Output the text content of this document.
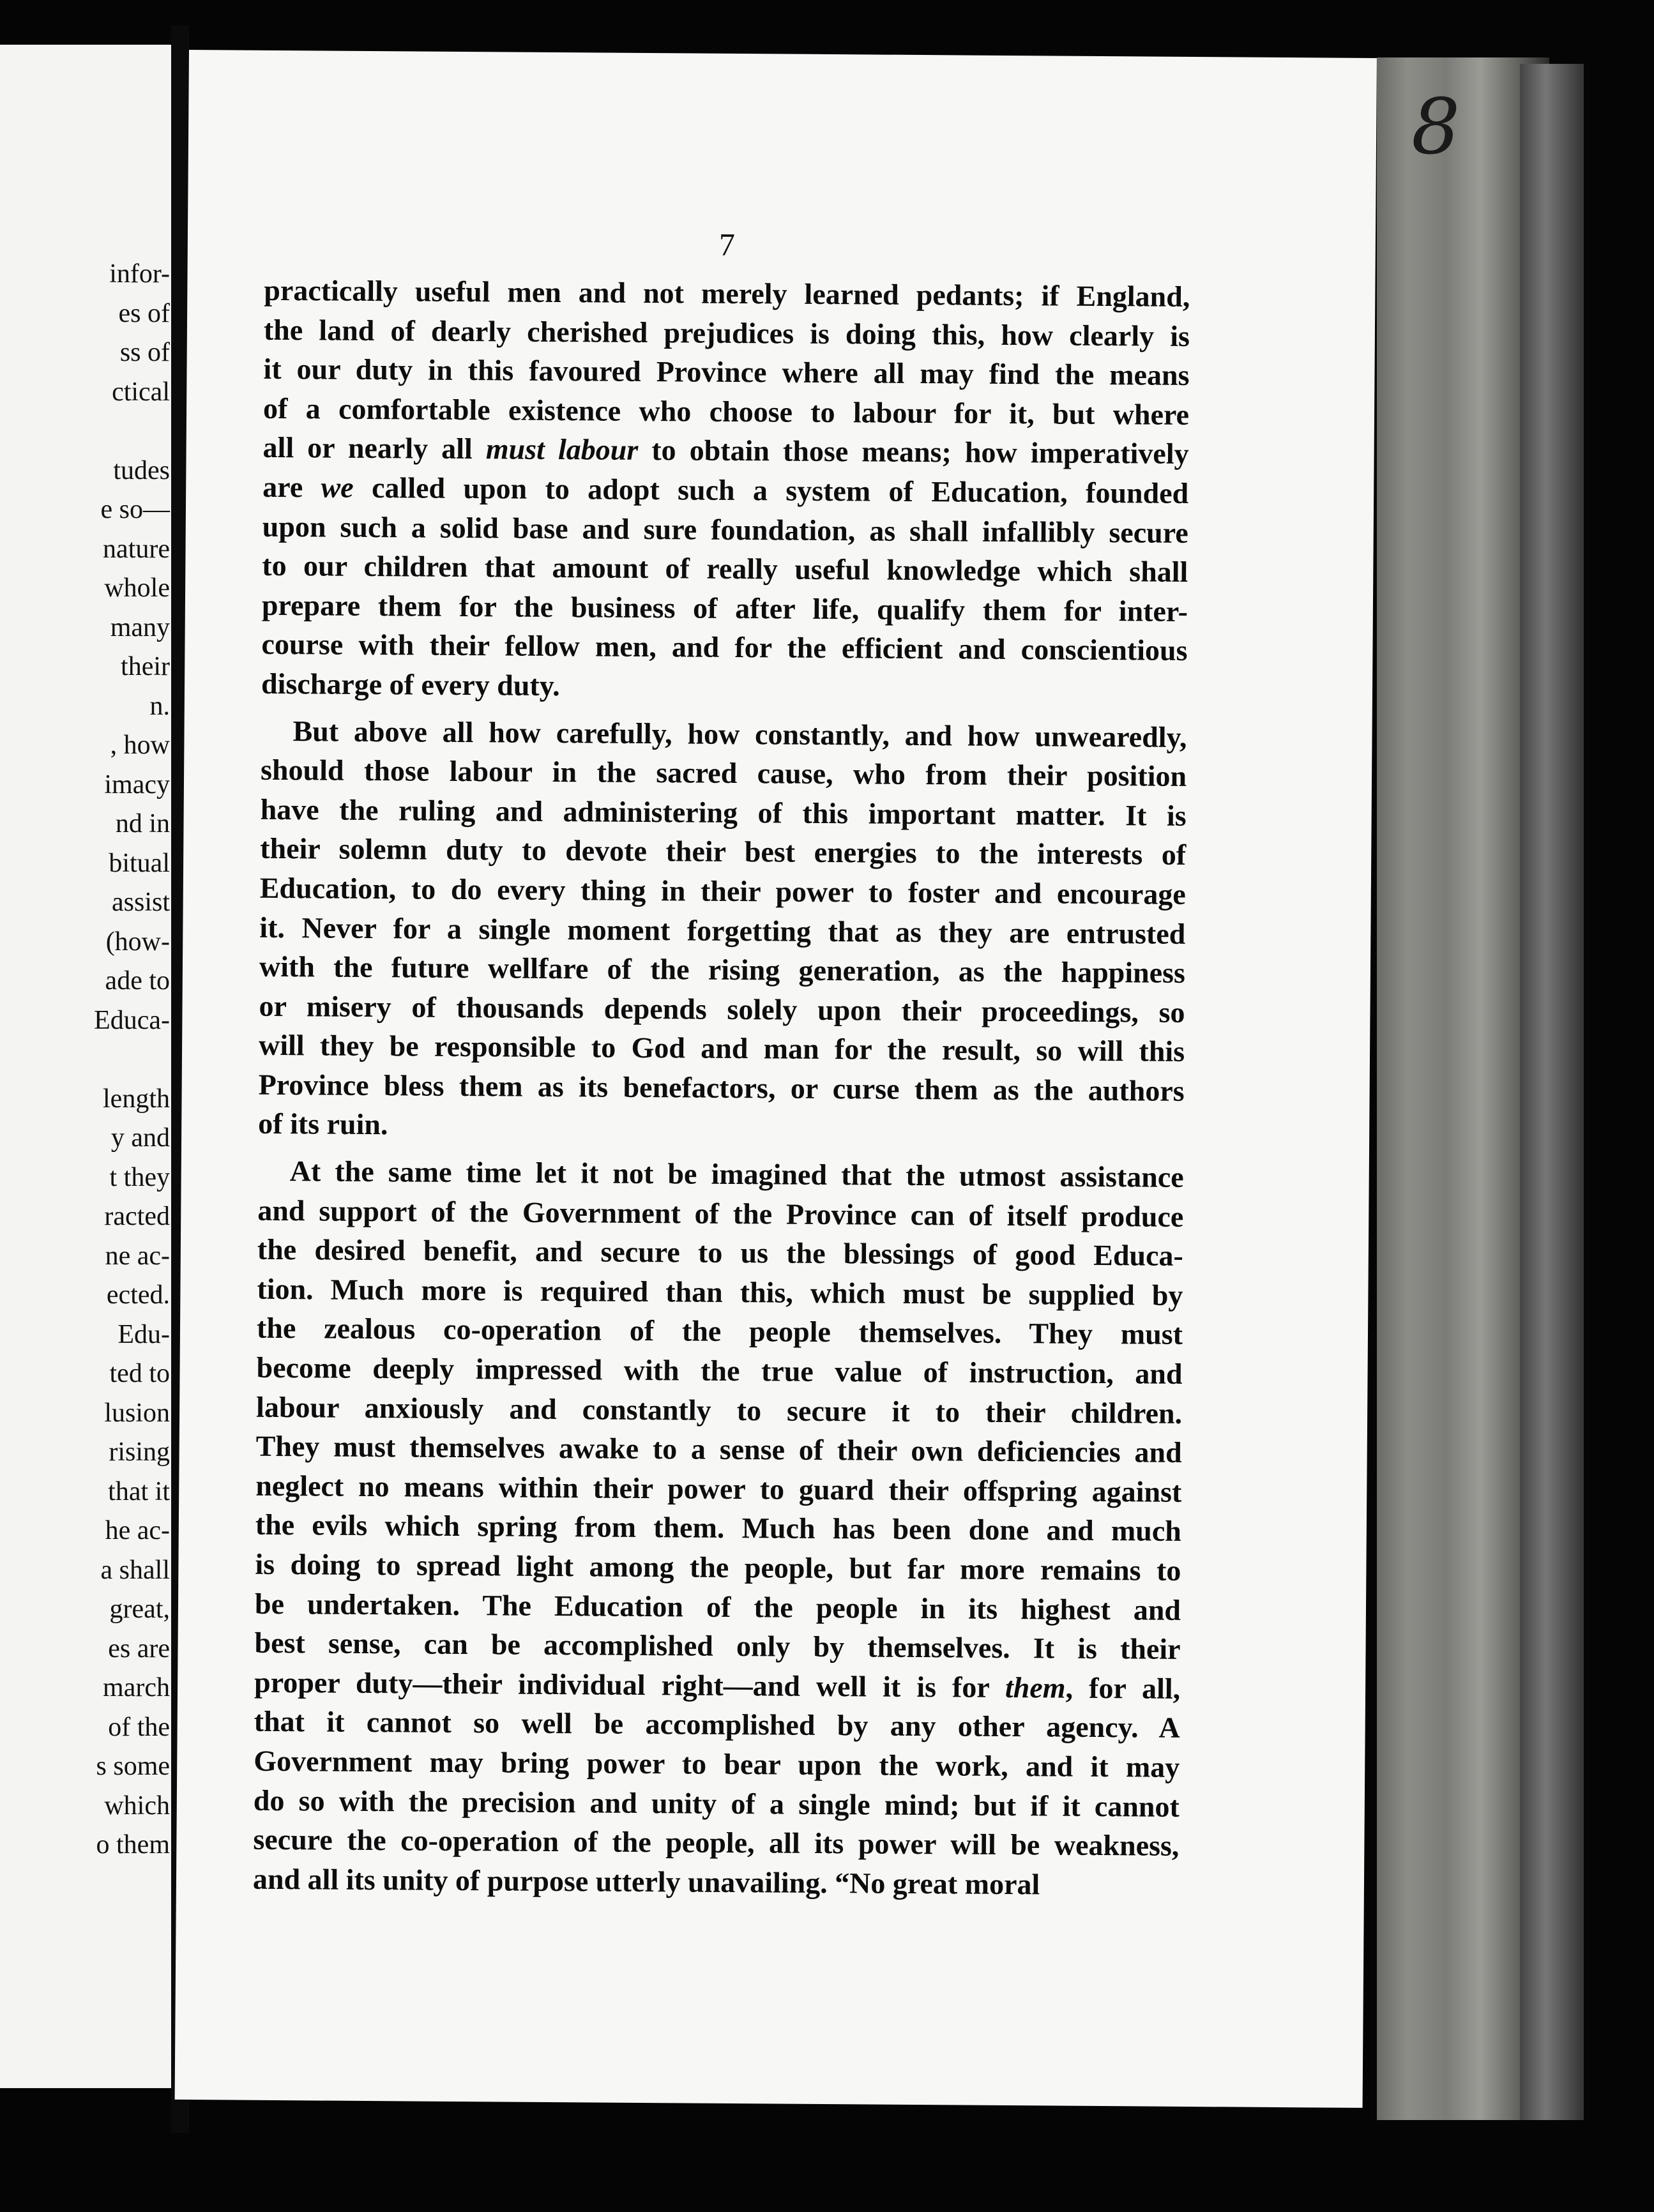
infor-
es of
ss of
ctical
tudes
e so—
nature
whole
many
their
n.
, how
imacy
nd in
bitual
assist
(how-
ade to
Educa-
length
y and
t they
racted
ne ac-
ected.
Edu-
ted to
lusion
rising
that it
he ac-
a shall
great,
es are
march
of the
s some
which
o them
7
practically useful men and not merely learned pedants; if England,
the land of dearly cherished prejudices is doing this, how clearly is
it our duty in this favoured Province where all may find the means
of a comfortable existence who choose to labour for it, but where
all or nearly all must labour to obtain those means; how imperatively
are we called upon to adopt such a system of Education, founded
upon such a solid base and sure foundation, as shall infallibly secure
to our children that amount of really useful knowledge which shall
prepare them for the business of after life, qualify them for inter-
course with their fellow men, and for the efficient and conscientious
discharge of every duty.
But above all how carefully, how constantly, and how unwearedly,
should those labour in the sacred cause, who from their position
have the ruling and administering of this important matter. It is
their solemn duty to devote their best energies to the interests of
Education, to do every thing in their power to foster and encourage
it. Never for a single moment forgetting that as they are entrusted
with the future wellfare of the rising generation, as the happiness
or misery of thousands depends solely upon their proceedings, so
will they be responsible to God and man for the result, so will this
Province bless them as its benefactors, or curse them as the authors
of its ruin.
At the same time let it not be imagined that the utmost assistance
and support of the Government of the Province can of itself produce
the desired benefit, and secure to us the blessings of good Educa-
tion. Much more is required than this, which must be supplied by
the zealous co-operation of the people themselves. They must
become deeply impressed with the true value of instruction, and
labour anxiously and constantly to secure it to their children.
They must themselves awake to a sense of their own deficiencies and
neglect no means within their power to guard their offspring against
the evils which spring from them. Much has been done and much
is doing to spread light among the people, but far more remains to
be undertaken. The Education of the people in its highest and
best sense, can be accomplished only by themselves. It is their
proper duty—their individual right—and well it is for them, for all,
that it cannot so well be accomplished by any other agency. A
Government may bring power to bear upon the work, and it may
do so with the precision and unity of a single mind; but if it cannot
secure the co-operation of the people, all its power will be weakness,
and all its unity of purpose utterly unavailing. “No great moral
8
